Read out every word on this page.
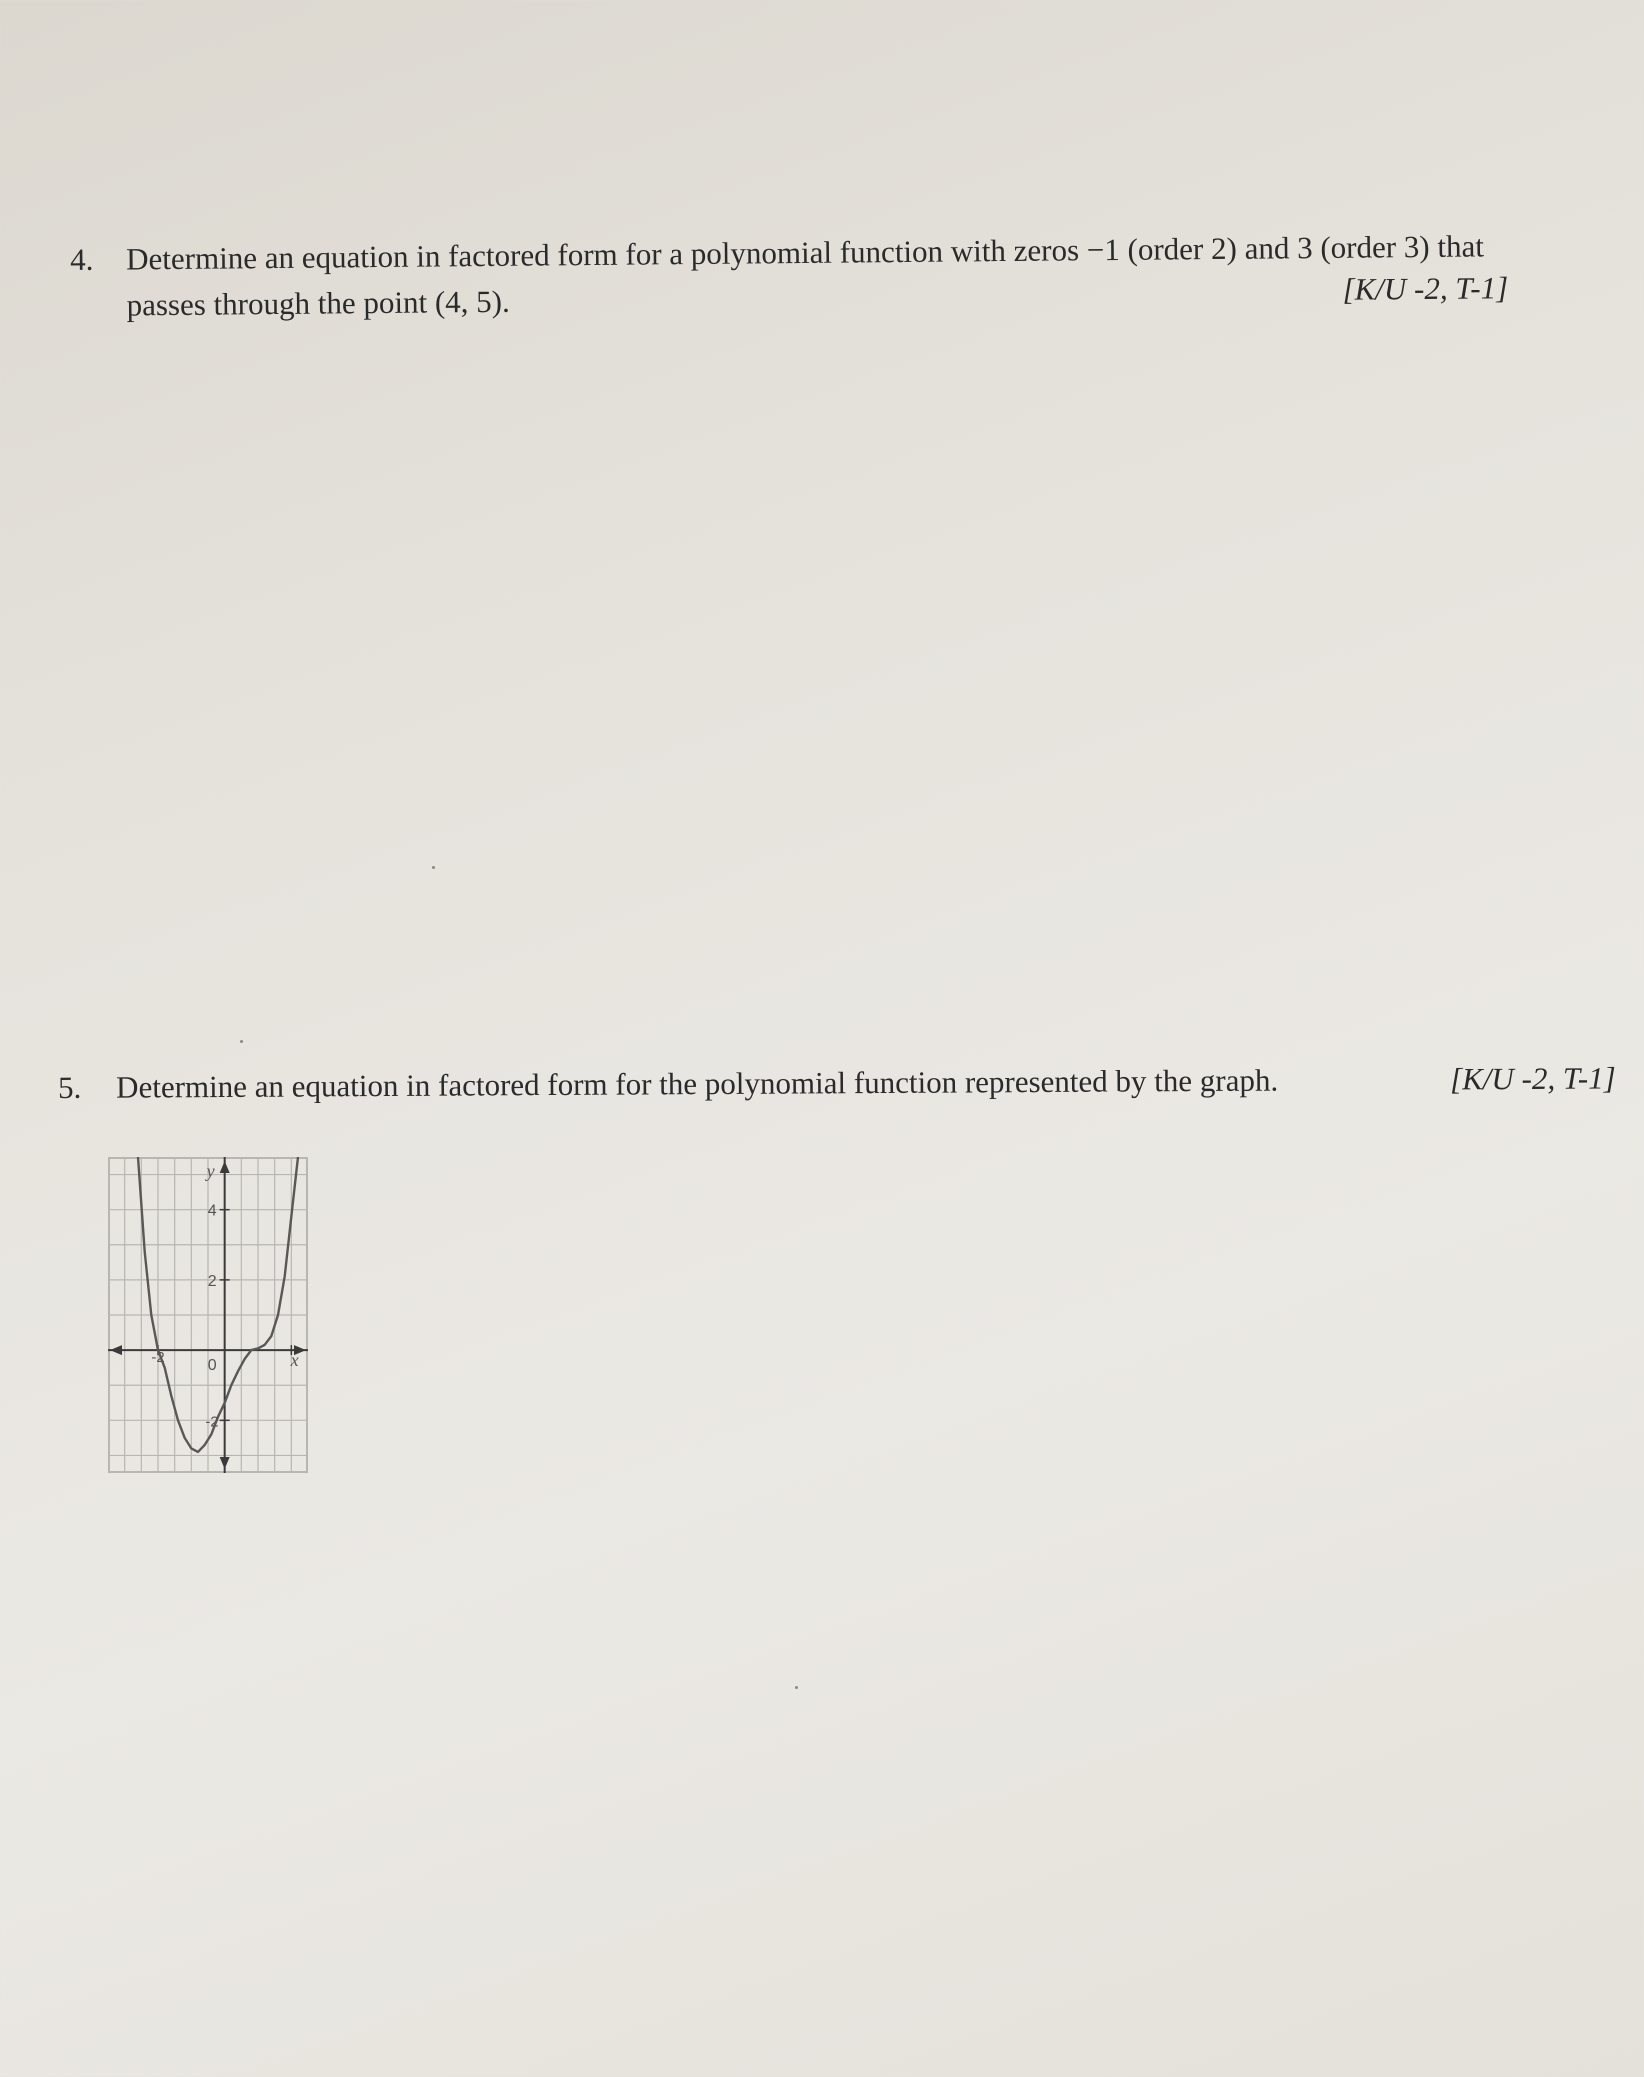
4. Determine an equation in factored form for a polynomial function with zeros −1 (order 2) and 3 (order 3) that
passes through the point (4, 5).	[K/U -2, T-1]
5. Determine an equation in factored form for the polynomial function represented by the graph.	[K/U -2, T-1]
y
x
4
2
0
-2
-2
